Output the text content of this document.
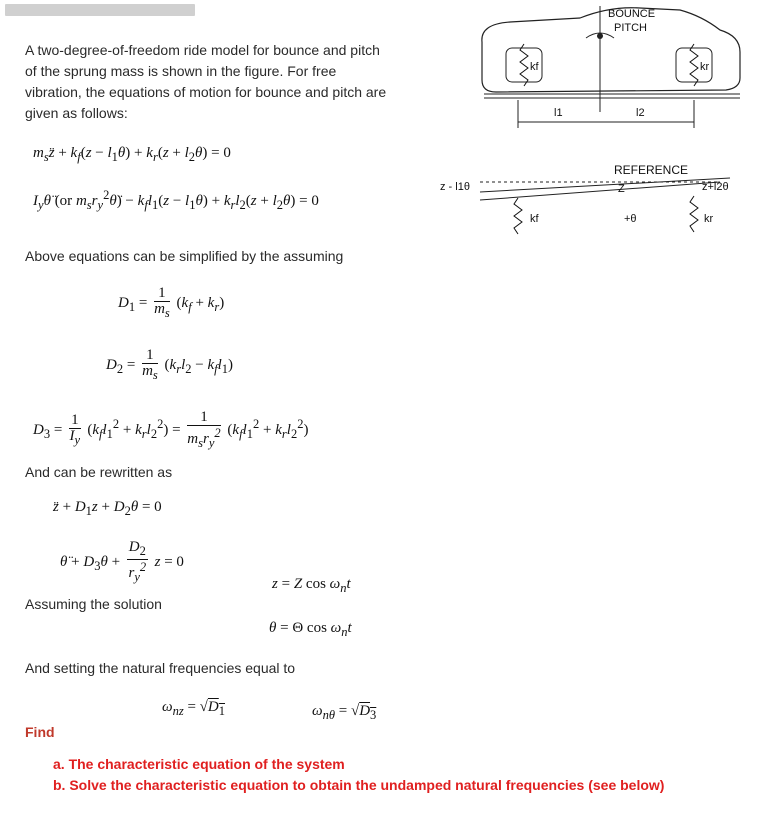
A two-degree-of-freedom ride model for bounce and pitch of the sprung mass is shown in the figure. For free vibration, the equations of motion for bounce and pitch are given as follows:
$m_sz̈ + k_f(z - l_1\theta) + k_r(z + l_2\theta) = 0$
$I_y\thetä$ (or $m_sr_y^2\thetä) - k_fl_1(z - l_1\theta) + k_rl_2(z + l_2\theta) = 0$
Above equations can be simplified by the assuming
$D_1 = \frac{1}{m_s} (k_f + k_r)$
$D_2 = \frac{1}{m_s} (k_rl_2 - k_fl_1)$
$D_3 = \frac{1}{I_y} (k_fl_1^2 + k_rl_2^2) = \frac{1}{m_sr_y^2} (k_fl_1^2 + k_rl_2^2)$
And can be rewritten as
z̈ + $D_1z + D_2\theta = 0$
θ̈ + $D_3\theta + \frac{D_2}{r_y^2}$ z = 0
z = Z $\cos \omega_nt$
Assuming the solution
θ = Θ $\cos \omega_nt$
And setting the natural frequencies equal to
$\omega_{nz} = √D_1$	$\omega_{n\theta} = √D_3$
Find
a. The characteristic equation of the system
b. Solve the characteristic equation to obtain the undamped natural frequencies (see below)
kf	kr
BOUNCE
PITCH
l1	l2
REFERENCE
z - l1θ	Z	z+l2θ
+θ
kf	kr
